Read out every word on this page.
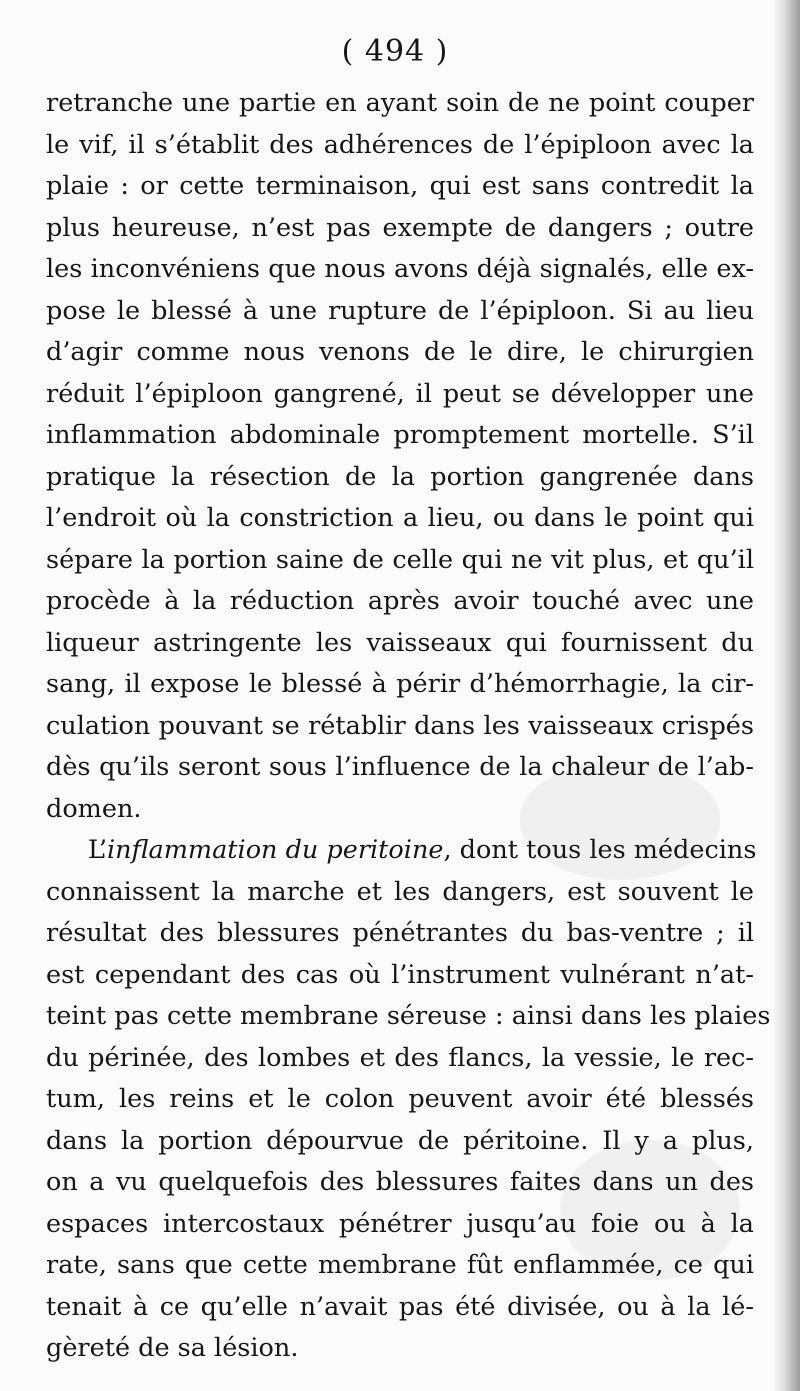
( 494 )
retranche une partie en ayant soin de ne point couper
le vif, il s’établit des adhérences de l’épiploon avec la
plaie : or cette terminaison, qui est sans contredit la
plus heureuse, n’est pas exempte de dangers ; outre
les inconvéniens que nous avons déjà signalés, elle ex-
pose le blessé à une rupture de l’épiploon. Si au lieu
d’agir comme nous venons de le dire, le chirurgien
réduit l’épiploon gangrené, il peut se développer une
inflammation abdominale promptement mortelle. S’il
pratique la résection de la portion gangrenée dans
l’endroit où la constriction a lieu, ou dans le point qui
sépare la portion saine de celle qui ne vit plus, et qu’il
procède à la réduction après avoir touché avec une
liqueur astringente les vaisseaux qui fournissent du
sang, il expose le blessé à périr d’hémorrhagie, la cir-
culation pouvant se rétablir dans les vaisseaux crispés
dès qu’ils seront sous l’influence de la chaleur de l’ab-
domen.
L’inflammation du peritoine, dont tous les médecins
connaissent la marche et les dangers, est souvent le
résultat des blessures pénétrantes du bas-ventre ; il
est cependant des cas où l’instrument vulnérant n’at-
teint pas cette membrane séreuse : ainsi dans les plaies
du périnée, des lombes et des flancs, la vessie, le rec-
tum, les reins et le colon peuvent avoir été blessés
dans la portion dépourvue de péritoine. Il y a plus,
on a vu quelquefois des blessures faites dans un des
espaces intercostaux pénétrer jusqu’au foie ou à la
rate, sans que cette membrane fût enflammée, ce qui
tenait à ce qu’elle n’avait pas été divisée, ou à la lé-
gèreté de sa lésion.
